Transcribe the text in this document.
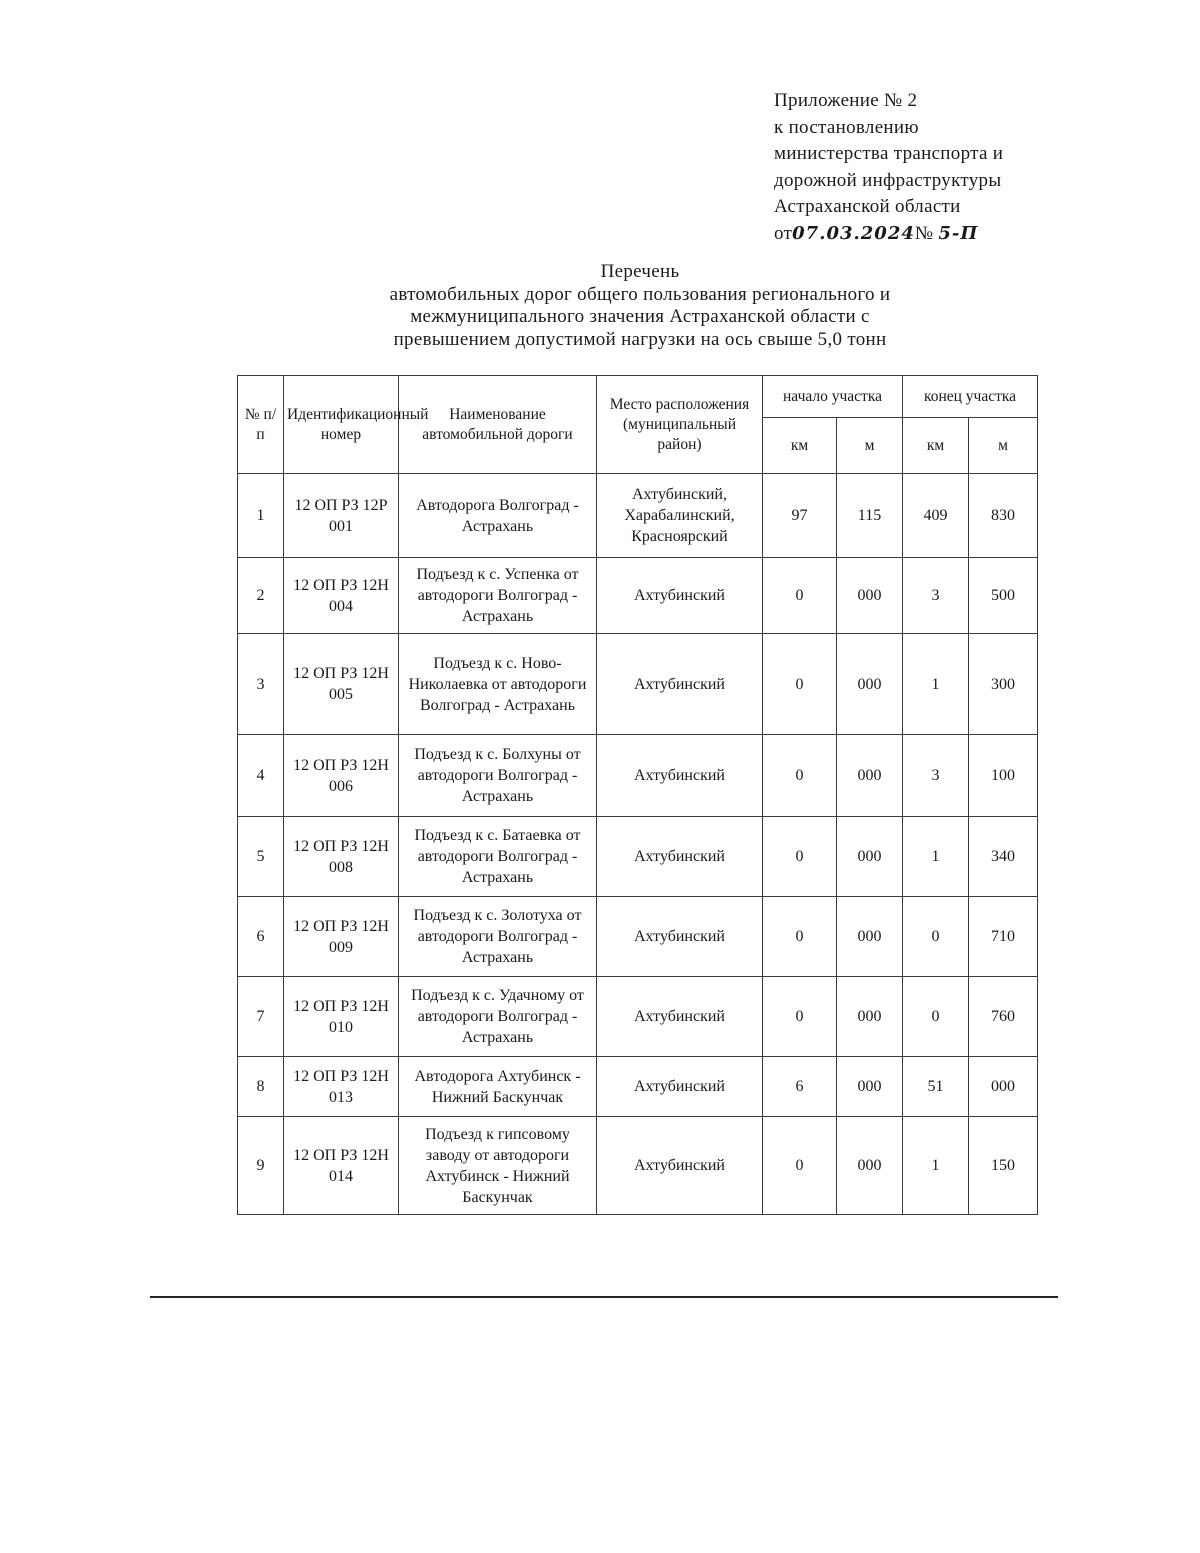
Приложение № 2
к постановлению
министерства транспорта и
дорожной инфраструктуры
Астраханской области
от07.03.2024№ 5-П
Перечень
автомобильных дорог общего пользования регионального и
межмуниципального значения Астраханской области с
превышением допустимой нагрузки на ось свыше 5,0 тонн
№ п/п	Идентификационный номер	Наименование автомобильной дороги	Место расположения (муниципальный район)	начало участка		конец участка	
				км	м	км	м
1	12 ОП РЗ 12Р 001	Автодорога Волгоград - Астрахань	Ахтубинский, Харабалинский, Красноярский	97	115	409	830
2	12 ОП РЗ 12Н 004	Подъезд к с. Успенка от автодороги Волгоград - Астрахань	Ахтубинский	0	000	3	500
3	12 ОП РЗ 12Н 005	Подъезд к с. Ново-Николаевка от автодороги Волгоград - Астрахань	Ахтубинский	0	000	1	300
4	12 ОП РЗ 12Н 006	Подъезд к с. Болхуны от автодороги Волгоград - Астрахань	Ахтубинский	0	000	3	100
5	12 ОП РЗ 12Н 008	Подъезд к с. Батаевка от автодороги Волгоград - Астрахань	Ахтубинский	0	000	1	340
6	12 ОП РЗ 12Н 009	Подъезд к с. Золотуха от автодороги Волгоград - Астрахань	Ахтубинский	0	000	0	710
7	12 ОП РЗ 12Н 010	Подъезд к с. Удачному от автодороги Волгоград - Астрахань	Ахтубинский	0	000	0	760
8	12 ОП РЗ 12Н 013	Автодорога Ахтубинск - Нижний Баскунчак	Ахтубинский	6	000	51	000
9	12 ОП РЗ 12Н 014	Подъезд к гипсовому заводу от автодороги Ахтубинск - Нижний Баскунчак	Ахтубинский	0	000	1	150
